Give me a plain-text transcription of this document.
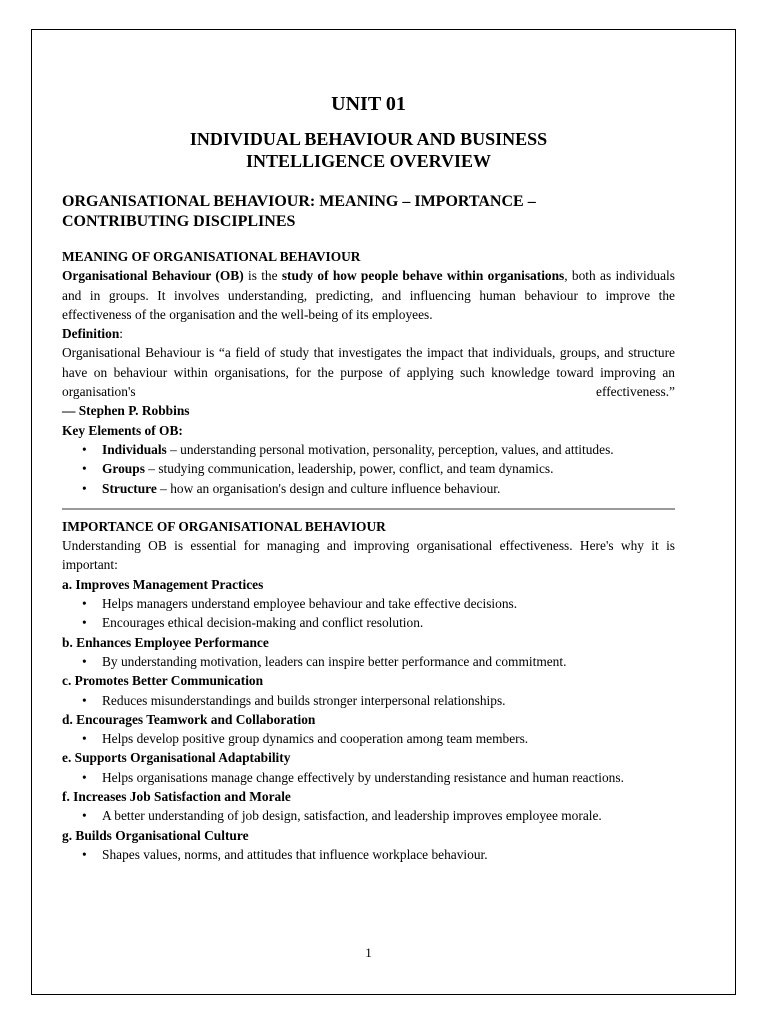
UNIT 01
INDIVIDUAL BEHAVIOUR AND BUSINESS
INTELLIGENCE OVERVIEW
ORGANISATIONAL BEHAVIOUR: MEANING – IMPORTANCE –
CONTRIBUTING DISCIPLINES

MEANING OF ORGANISATIONAL BEHAVIOUR

Organisational Behaviour (OB) is the study of how people behave within organisations, both as individuals and in groups. It involves understanding, predicting, and influencing human behaviour to improve the effectiveness of the organisation and the well-being of its employees.

Definition:

Organisational Behaviour is “a field of study that investigates the impact that individuals, groups, and structure have on behaviour within organisations, for the purpose of applying such knowledge toward improving an organisation's effectiveness.”

— Stephen P. Robbins

Key Elements of OB:

• Individuals – understanding personal motivation, personality, perception, values, and attitudes.
• Groups – studying communication, leadership, power, conflict, and team dynamics.
• Structure – how an organisation's design and culture influence behaviour.

IMPORTANCE OF ORGANISATIONAL BEHAVIOUR

Understanding OB is essential for managing and improving organisational effectiveness. Here's why it is important:

a. Improves Management Practices

• Helps managers understand employee behaviour and take effective decisions.
• Encourages ethical decision-making and conflict resolution.

b. Enhances Employee Performance

• By understanding motivation, leaders can inspire better performance and commitment.

c. Promotes Better Communication

• Reduces misunderstandings and builds stronger interpersonal relationships.

d. Encourages Teamwork and Collaboration

• Helps develop positive group dynamics and cooperation among team members.

e. Supports Organisational Adaptability

• Helps organisations manage change effectively by understanding resistance and human reactions.

f. Increases Job Satisfaction and Morale

• A better understanding of job design, satisfaction, and leadership improves employee morale.

g. Builds Organisational Culture

• Shapes values, norms, and attitudes that influence workplace behaviour.
1
